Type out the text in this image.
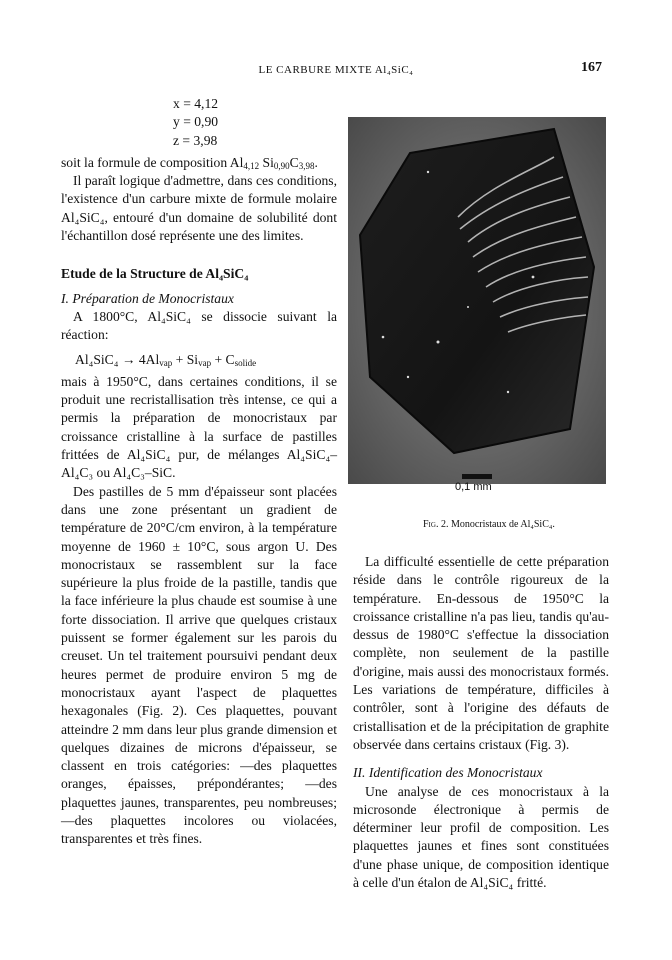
LE CARBURE MIXTE Al₄SiC₄	167
x = 4,12
y = 0,90
z = 3,98

soit la formule de composition $Al_{4,12}$ $Si_{0,90}C_{3,98}$.

Il paraît logique d'admettre, dans ces conditions, l'existence d'un carbure mixte de formule molaire Al₄SiC₄, entouré d'un domaine de solubilité dont l'échantillon dosé représente une des limites.

Etude de la Structure de Al₄SiC₄

I. Préparation de Monocristaux

A 1800°C, Al₄SiC₄ se dissocie suivant la réaction:

$Al_4SiC_4 \to 4Al_{vap} + Si_{vap} + C_{solide}$

mais à 1950°C, dans certaines conditions, il se produit une recristallisation très intense, ce qui a permis la préparation de monocristaux par croissance cristalline à la surface de pastilles frittées de Al₄SiC₄ pur, de mélanges Al₄SiC₄–Al₄C₃ ou Al₄C₃–SiC.

Des pastilles de 5 mm d'épaisseur sont placées dans une zone présentant un gradient de température de 20°C/cm environ, à la température moyenne de 1960 ± 10°C, sous argon U. Des monocristaux se rassemblent sur la face supérieure la plus froide de la pastille, tandis que la face inférieure la plus chaude est soumise à une forte dissociation. Il arrive que quelques cristaux puissent se former également sur les parois du creuset. Un tel traitement poursuivi pendant deux heures permet de produire environ 5 mg de monocristaux ayant l'aspect de plaquettes hexagonales (Fig. 2). Ces plaquettes, pouvant atteindre 2 mm dans leur plus grande dimension et quelques dizaines de microns d'épaisseur, se classent en trois catégories: —des plaquettes oranges, épaisses, prépondérantes; —des plaquettes jaunes, transparentes, peu nombreuses; —des plaquettes incolores ou violacées, transparentes et très fines.

0,1 mm
Fig. 2. Monocristaux de Al₄SiC₄.

La difficulté essentielle de cette préparation réside dans le contrôle rigoureux de la température. En-dessous de 1950°C la croissance cristalline n'a pas lieu, tandis qu'au-dessus de 1980°C s'effectue la dissociation complète, non seulement de la pastille d'origine, mais aussi des monocristaux formés. Les variations de température, difficiles à contrôler, sont à l'origine des défauts de cristallisation et de la précipitation de graphite observée dans certains cristaux (Fig. 3).

II. Identification des Monocristaux

Une analyse de ces monocristaux à la microsonde électronique à permis de déterminer leur profil de composition. Les plaquettes jaunes et fines sont constituées d'une phase unique, de composition identique à celle d'un étalon de Al₄SiC₄ fritté.
